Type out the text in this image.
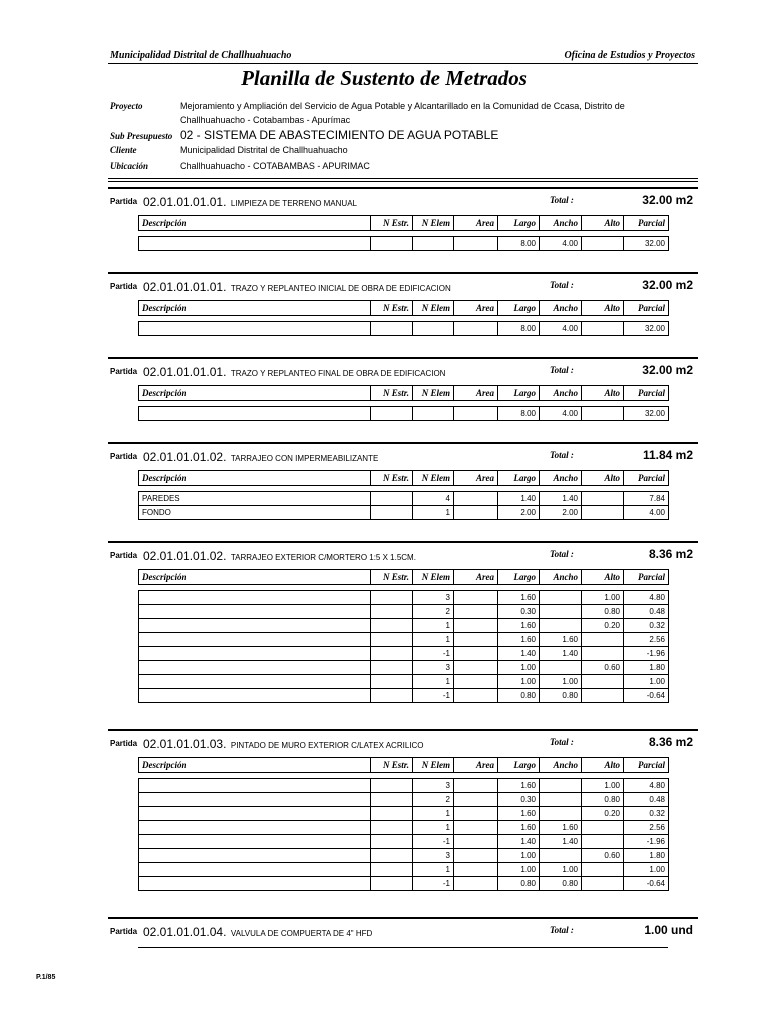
Municipalidad Distrital de Challhuahuacho	Oficina de Estudios y Proyectos
Planilla de Sustento de Metrados
Proyecto	Mejoramiento y Ampliación del Servicio de Agua Potable y Alcantarillado en la Comunidad de Ccasa, Distrito de
Challhuahuacho - Cotabambas - Apurímac
Sub Presupuesto 02 - SISTEMA DE ABASTECIMIENTO DE AGUA POTABLE
Cliente	Municipalidad Distrital de Challhuahuacho
Ubicación	Challhuahuacho - COTABAMBAS - APURIMAC
Partida 02.01.01.01.01. LIMPIEZA DE TERRENO MANUAL	Total :	32.00 m2
Descripción	N Estr.	N Elem	Area	Largo	Ancho	Alto	Parcial
				8.00	4.00		32.00
Partida 02.01.01.01.01. TRAZO Y REPLANTEO INICIAL DE OBRA DE EDIFICACION	Total :	32.00 m2
Descripción	N Estr.	N Elem	Area	Largo	Ancho	Alto	Parcial
				8.00	4.00		32.00
Partida 02.01.01.01.01. TRAZO Y REPLANTEO FINAL DE OBRA DE EDIFICACION	Total :	32.00 m2
Descripción	N Estr.	N Elem	Area	Largo	Ancho	Alto	Parcial
				8.00	4.00		32.00
Partida 02.01.01.01.02. TARRAJEO CON IMPERMEABILIZANTE	Total :	11.84 m2
Descripción	N Estr.	N Elem	Area	Largo	Ancho	Alto	Parcial
PAREDES		4		1.40	1.40		7.84
FONDO		1		2.00	2.00		4.00
Partida 02.01.01.01.02. TARRAJEO EXTERIOR C/MORTERO 1:5 X 1.5CM.	Total :	8.36 m2
Descripción	N Estr.	N Elem	Area	Largo	Ancho	Alto	Parcial
		3		1.60		1.00	4.80
		2		0.30		0.80	0.48
		1		1.60		0.20	0.32
		1		1.60	1.60		2.56
		-1		1.40	1.40		-1.96
		3		1.00		0.60	1.80
		1		1.00	1.00		1.00
		-1		0.80	0.80		-0.64
Partida 02.01.01.01.03. PINTADO DE MURO EXTERIOR C/LATEX ACRILICO	Total :	8.36 m2
Descripción	N Estr.	N Elem	Area	Largo	Ancho	Alto	Parcial
		3		1.60		1.00	4.80
		2		0.30		0.80	0.48
		1		1.60		0.20	0.32
		1		1.60	1.60		2.56
		-1		1.40	1.40		-1.96
		3		1.00		0.60	1.80
		1		1.00	1.00		1.00
		-1		0.80	0.80		-0.64
Partida 02.01.01.01.04. VALVULA DE COMPUERTA DE 4" HFD	Total :	1.00 und
P.1/85
